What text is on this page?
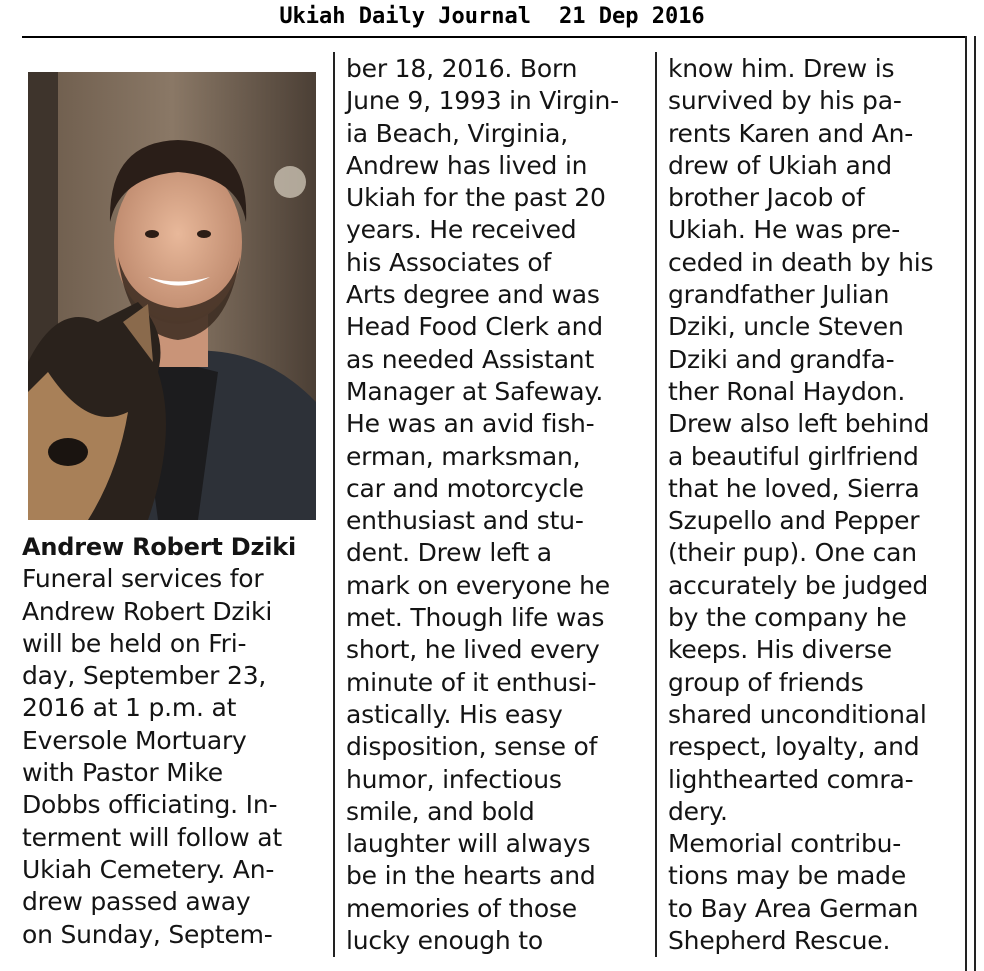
Ukiah Daily Journal 21 Dep 2016
Andrew Robert Dziki
Funeral services for
Andrew Robert Dziki
will be held on Fri-
day, September 23,
2016 at 1 p.m. at
Eversole Mortuary
with Pastor Mike
Dobbs officiating. In-
terment will follow at
Ukiah Cemetery. An-
drew passed away
on Sunday, Septem-
ber 18, 2016. Born
June 9, 1993 in Virgin-
ia Beach, Virginia,
Andrew has lived in
Ukiah for the past 20
years. He received
his Associates of
Arts degree and was
Head Food Clerk and
as needed Assistant
Manager at Safeway.
He was an avid fish-
erman, marksman,
car and motorcycle
enthusiast and stu-
dent. Drew left a
mark on everyone he
met. Though life was
short, he lived every
minute of it enthusi-
astically. His easy
disposition, sense of
humor, infectious
smile, and bold
laughter will always
be in the hearts and
memories of those
lucky enough to
know him. Drew is
survived by his pa-
rents Karen and An-
drew of Ukiah and
brother Jacob of
Ukiah. He was pre-
ceded in death by his
grandfather Julian
Dziki, uncle Steven
Dziki and grandfa-
ther Ronal Haydon.
Drew also left behind
a beautiful girlfriend
that he loved, Sierra
Szupello and Pepper
(their pup). One can
accurately be judged
by the company he
keeps. His diverse
group of friends
shared unconditional
respect, loyalty, and
lighthearted comra-
dery.
Memorial contribu-
tions may be made
to Bay Area German
Shepherd Rescue.
